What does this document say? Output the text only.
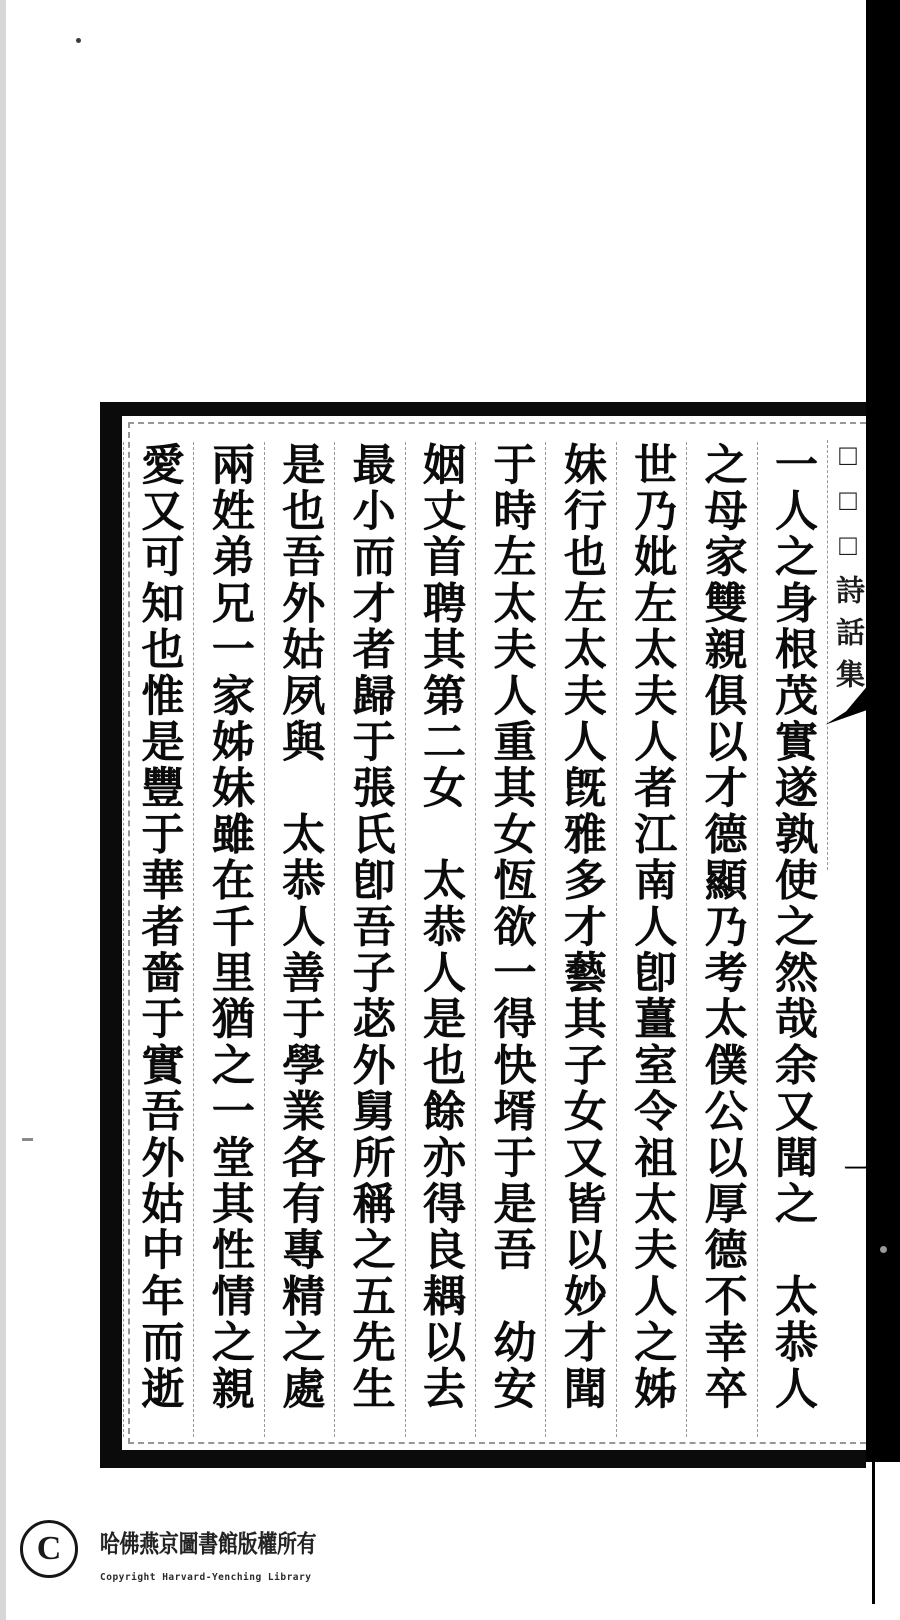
一人之身根茂實遂孰使之然哉余又聞之　太恭人
之母家雙親俱以才德顯乃考太僕公以厚德不幸卒
世乃妣左太夫人者江南人卽薑室令祖太夫人之姊
妹行也左太夫人旣雅多才藝其子女又皆以妙才聞
于時左太夫人重其女恆欲一得快壻于是吾　幼安
姻丈首聘其第二女　太恭人是也餘亦得良耦以去
最小而才者歸于張氏卽吾子苾外舅所稱之五先生
是也吾外姑夙與　太恭人善于學業各有專精之處
兩姓弟兄一家姊妹雖在千里猶之一堂其性情之親
愛又可知也惟是豐于華者嗇于實吾外姑中年而逝	□□□詩話集
一
C 哈佛燕京圖書館版權所有
Copyright Harvard-Yenching Library
